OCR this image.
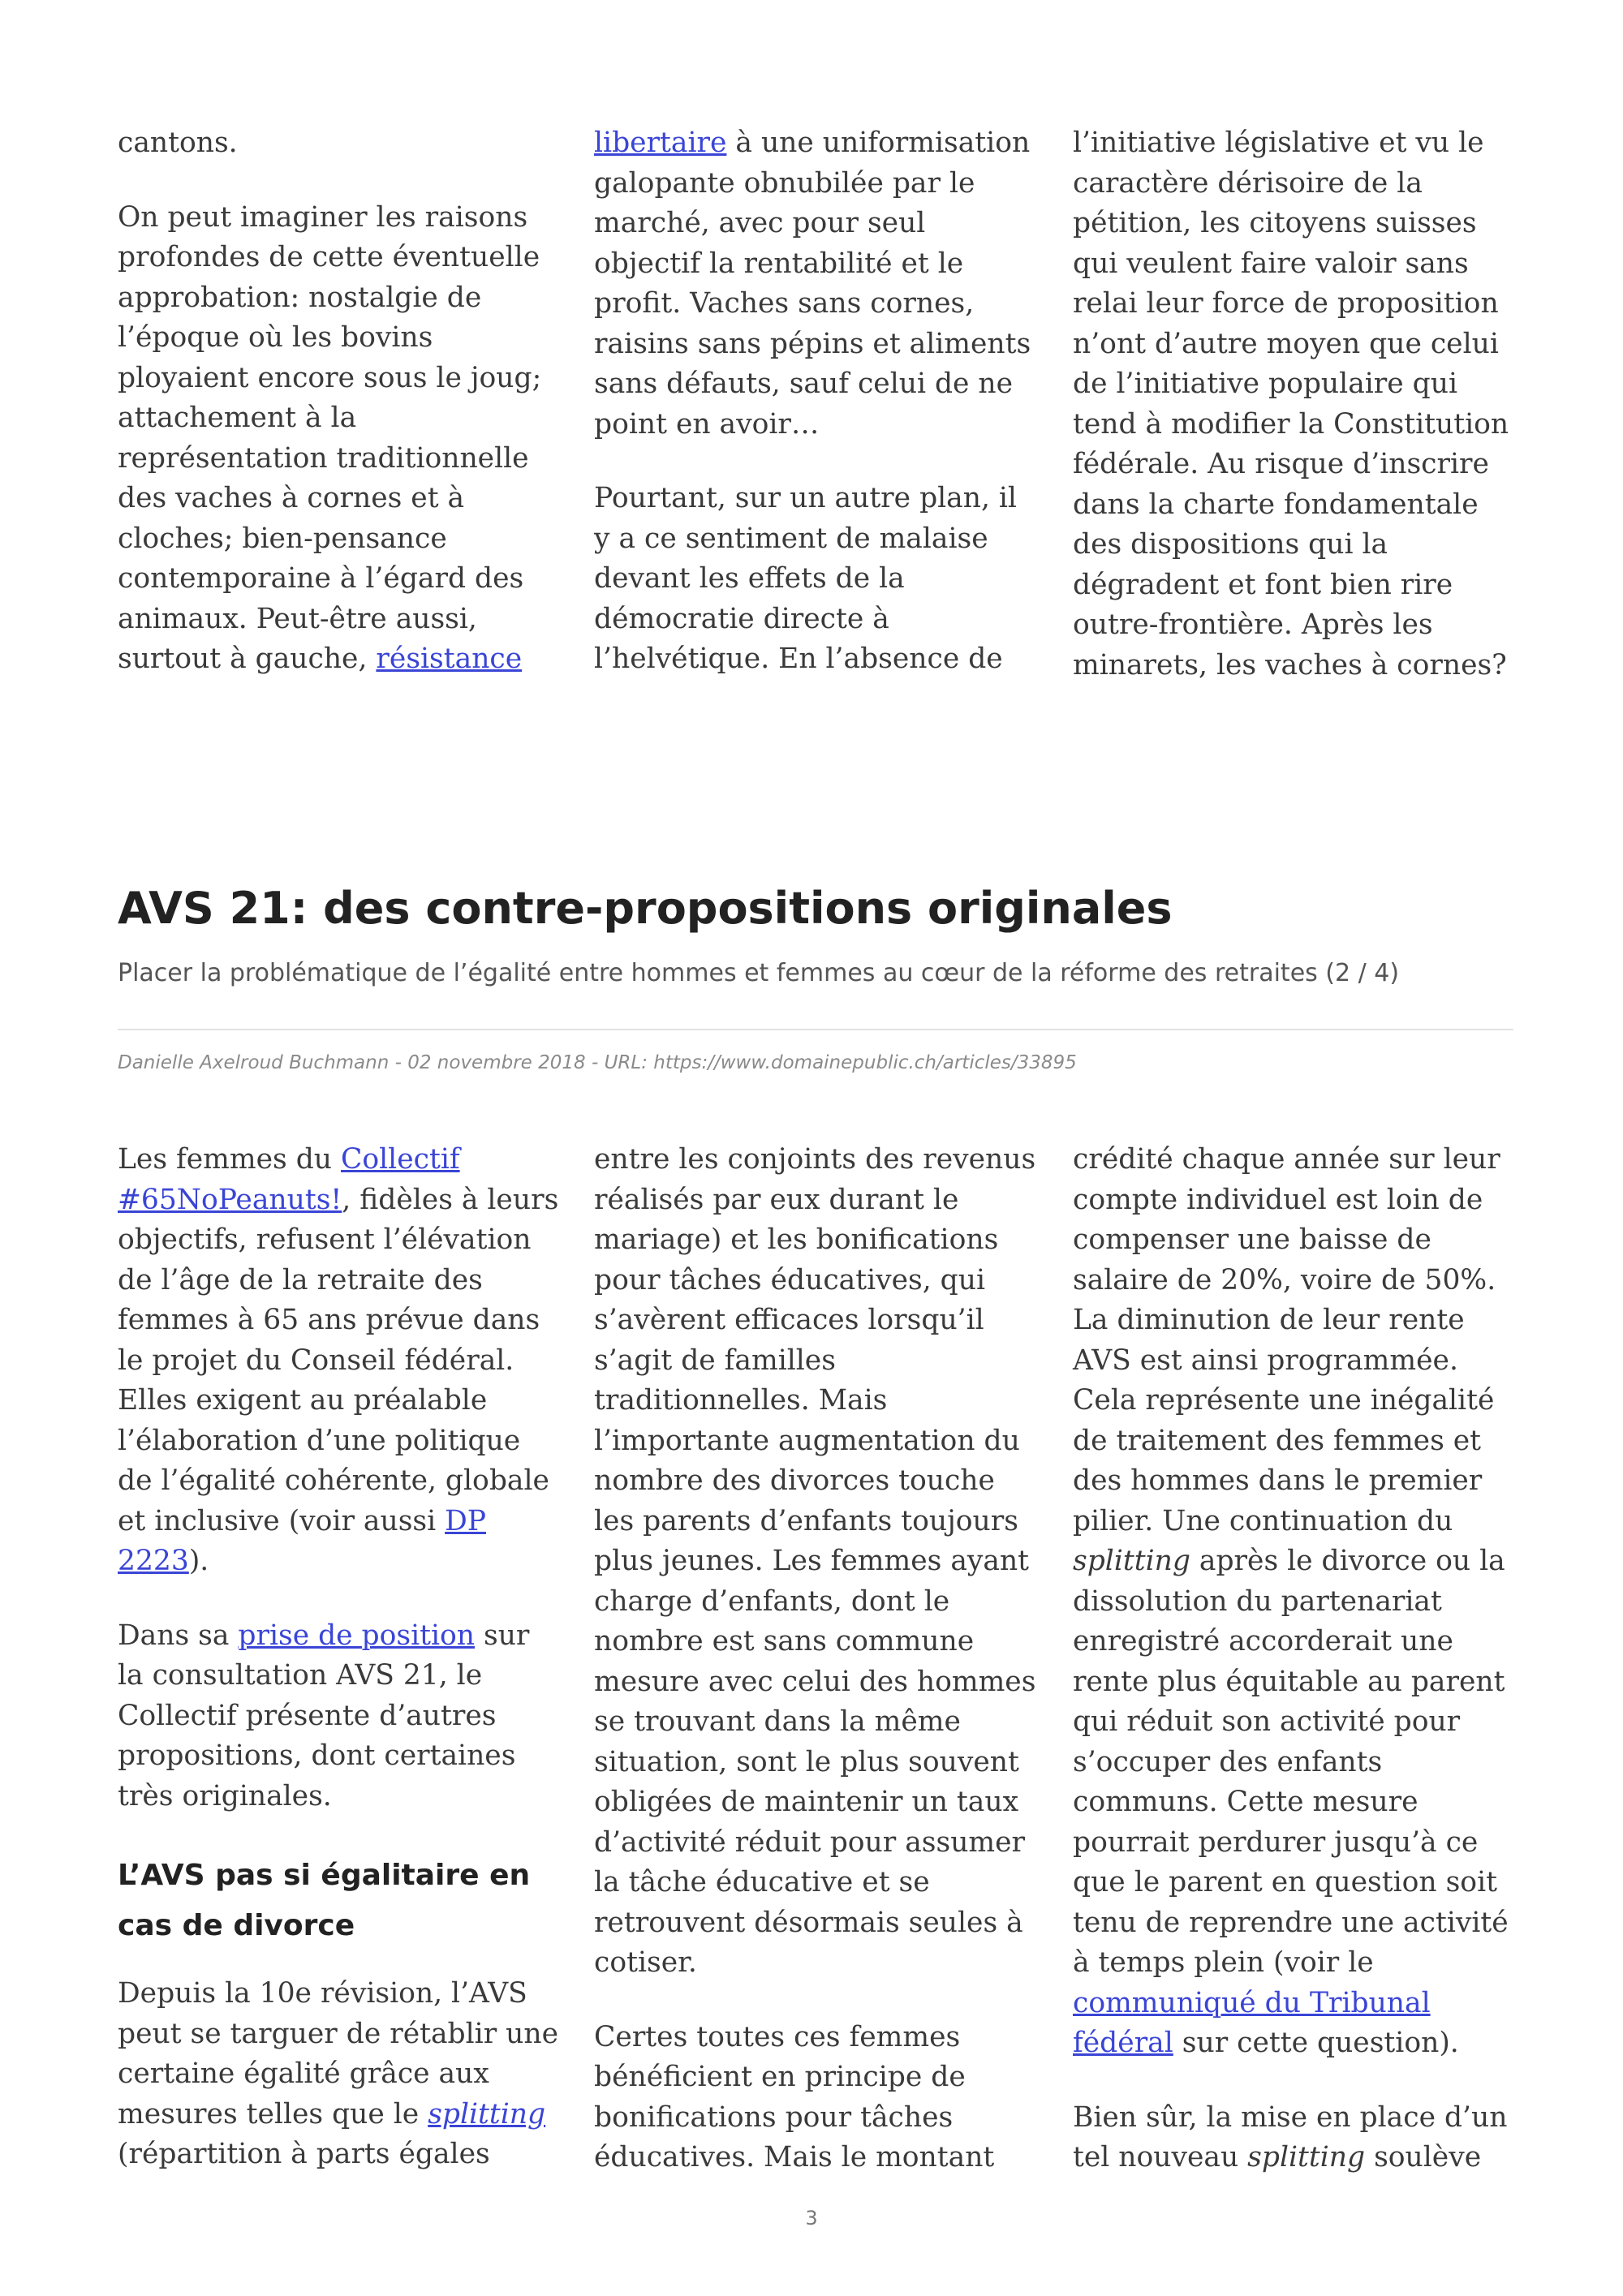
cantons.

On peut imaginer les raisons profondes de cette éventuelle approbation: nostalgie de l’époque où les bovins ployaient encore sous le joug; attachement à la représentation traditionnelle des vaches à cornes et à cloches; bien-pensance contemporaine à l’égard des animaux. Peut-être aussi, surtout à gauche, résistance

libertaire à une uniformisation galopante obnubilée par le marché, avec pour seul objectif la rentabilité et le profit. Vaches sans cornes, raisins sans pépins et aliments sans défauts, sauf celui de ne point en avoir…

Pourtant, sur un autre plan, il y a ce sentiment de malaise devant les effets de la démocratie directe à l’helvétique. En l’absence de

l’initiative législative et vu le caractère dérisoire de la pétition, les citoyens suisses qui veulent faire valoir sans relai leur force de proposition n’ont d’autre moyen que celui de l’initiative populaire qui tend à modifier la Constitution fédérale. Au risque d’inscrire dans la charte fondamentale des dispositions qui la dégradent et font bien rire outre-frontière. Après les minarets, les vaches à cornes?

AVS 21: des contre-propositions originales

Placer la problématique de l’égalité entre hommes et femmes au cœur de la réforme des retraites (2 / 4)

Danielle Axelroud Buchmann - 02 novembre 2018 - URL: https://www.domainepublic.ch/articles/33895

Les femmes du Collectif #65NoPeanuts!, fidèles à leurs objectifs, refusent l’élévation de l’âge de la retraite des femmes à 65 ans prévue dans le projet du Conseil fédéral. Elles exigent au préalable l’élaboration d’une politique de l’égalité cohérente, globale et inclusive (voir aussi DP 2223).

Dans sa prise de position sur la consultation AVS 21, le Collectif présente d’autres propositions, dont certaines très originales.

L’AVS pas si égalitaire en cas de divorce

Depuis la 10e révision, l’AVS peut se targuer de rétablir une certaine égalité grâce aux mesures telles que le splitting (répartition à parts égales

entre les conjoints des revenus réalisés par eux durant le mariage) et les bonifications pour tâches éducatives, qui s’avèrent efficaces lorsqu’il s’agit de familles traditionnelles. Mais l’importante augmentation du nombre des divorces touche les parents d’enfants toujours plus jeunes. Les femmes ayant charge d’enfants, dont le nombre est sans commune mesure avec celui des hommes se trouvant dans la même situation, sont le plus souvent obligées de maintenir un taux d’activité réduit pour assumer la tâche éducative et se retrouvent désormais seules à cotiser.

Certes toutes ces femmes bénéficient en principe de bonifications pour tâches éducatives. Mais le montant

crédité chaque année sur leur compte individuel est loin de compenser une baisse de salaire de 20%, voire de 50%. La diminution de leur rente AVS est ainsi programmée. Cela représente une inégalité de traitement des femmes et des hommes dans le premier pilier. Une continuation du splitting après le divorce ou la dissolution du partenariat enregistré accorderait une rente plus équitable au parent qui réduit son activité pour s’occuper des enfants communs. Cette mesure pourrait perdurer jusqu’à ce que le parent en question soit tenu de reprendre une activité à temps plein (voir le communiqué du Tribunal fédéral sur cette question).

Bien sûr, la mise en place d’un tel nouveau splitting soulève

3
